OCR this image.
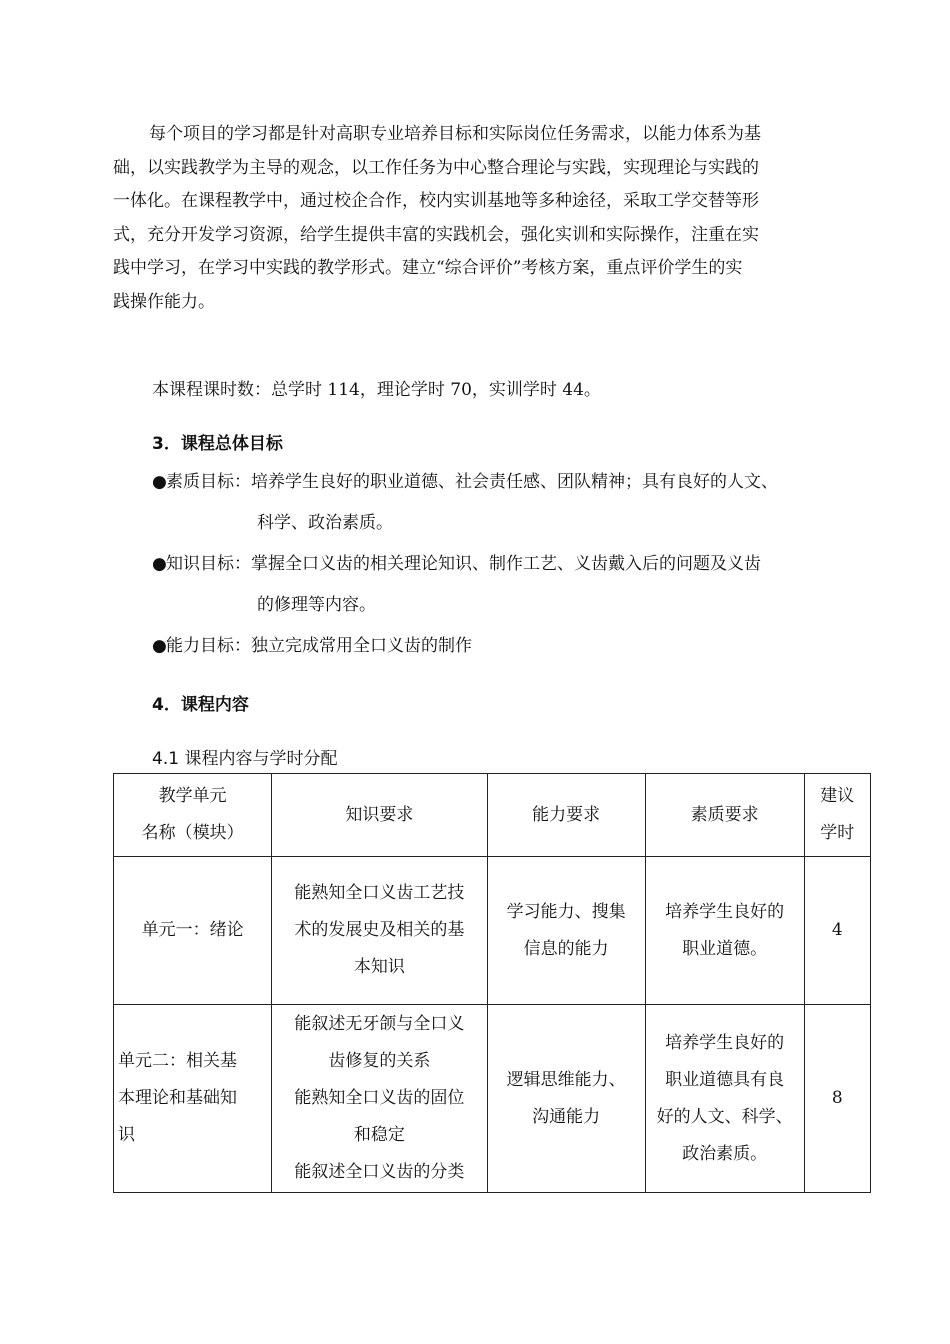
每个项目的学习都是针对高职专业培养目标和实际岗位任务需求，以能力体系为基
础，以实践教学为主导的观念，以工作任务为中心整合理论与实践，实现理论与实践的
一体化。在课程教学中，通过校企合作，校内实训基地等多种途径，采取工学交替等形
式，充分开发学习资源，给学生提供丰富的实践机会，强化实训和实际操作，注重在实
践中学习，在学习中实践的教学形式。建立“综合评价”考核方案，重点评价学生的实
践操作能力。
本课程课时数：总学时 114，理论学时 70，实训学时 44。
3．课程总体目标
●素质目标：培养学生良好的职业道德、社会责任感、团队精神；具有良好的人文、

科学、政治素质。
●知识目标：掌握全口义齿的相关理论知识、制作工艺、义齿戴入后的问题及义齿

的修理等内容。
●能力目标：独立完成常用全口义齿的制作
4．课程内容
4.1 课程内容与学时分配
教学单元
名称（模块）	知识要求	能力要求	素质要求	建议
学时

单元一：绪论	能熟知全口义齿工艺技
术的发展史及相关的基
本知识	学习能力、搜集
信息的能力	培养学生良好的
职业道德。	4

单元二：相关基
本理论和基础知
识	能叙述无牙颌与全口义
齿修复的关系
能熟知全口义齿的固位
和稳定
能叙述全口义齿的分类	逻辑思维能力、
沟通能力	培养学生良好的
职业道德具有良
好的人文、科学、
政治素质。	8
